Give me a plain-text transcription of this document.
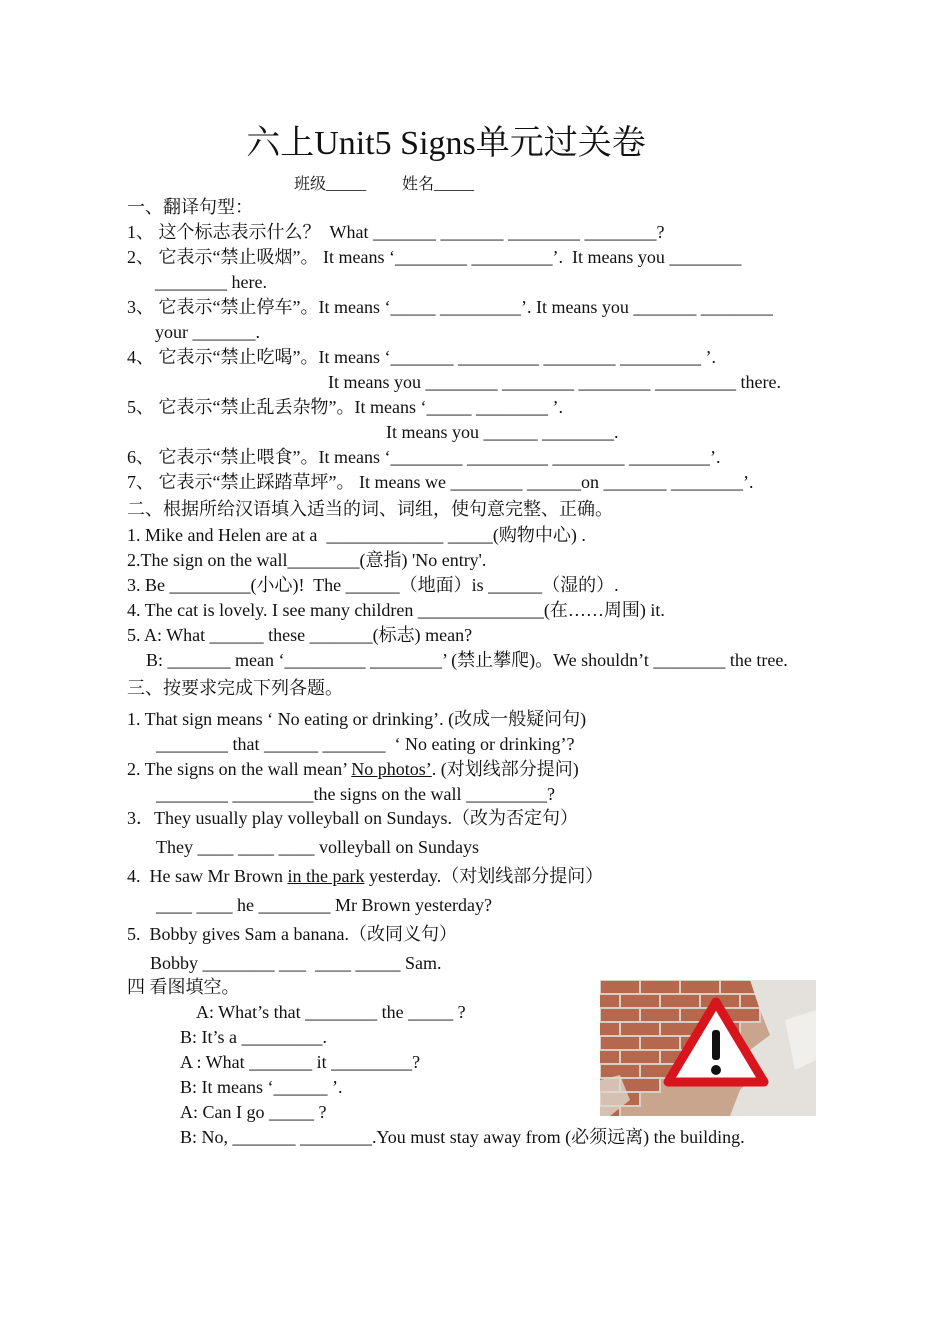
六上Unit5 Signs单元过关卷
班级_____ 姓名_____
一、翻译句型：
1、 这个标志表示什么？  What _______ _______ ________ ________?
2、 它表示“禁止吸烟”。 It means ‘________ _________’.  It means you ________
________ here.
3、 它表示“禁止停车”。It means ‘_____ _________’. It means you _______ ________
your _______.
4、 它表示“禁止吃喝”。It means ‘_______ _________ ________ _________ ’.
It means you ________ ________ ________ _________ there.
5、 它表示“禁止乱丢杂物”。It means ‘_____ ________ ’.
It means you ______ ________.
6、 它表示“禁止喂食”。It means ‘________ _________ ________ _________’.
7、 它表示“禁止踩踏草坪”。 It means we ________ ______on _______ ________’.
二、根据所给汉语填入适当的词、词组，使句意完整、正确。
1. Mike and Helen are at a  _____________ _____(购物中心) .
2.The sign on the wall________(意指) 'No entry'.
3. Be _________(小心)!  The ______（地面）is ______（湿的）.
4. The cat is lovely. I see many children ______________(在……周围) it.
5. A: What ______ these _______(标志) mean?
B: _______ mean ‘_________ ________’ (禁止攀爬)。We shouldn’t ________ the tree.
三、按要求完成下列各题。
1. That sign means ‘ No eating or drinking’. (改成一般疑问句)
________ that ______ _______  ‘ No eating or drinking’?
2. The signs on the wall mean’ No photos’. (对划线部分提问)
________ _________the signs on the wall _________?
3．They usually play volleyball on Sundays.（改为否定句）
They ____ ____ ____ volleyball on Sundays
4.  He saw Mr Brown in the park yesterday.（对划线部分提问）
____ ____ he ________ Mr Brown yesterday?
5.  Bobby gives Sam a banana.（改同义句）
Bobby ________ ___  ____ _____ Sam.
四 看图填空。
A: What’s that ________ the _____ ?
B: It’s a _________.
A : What _______ it _________?
B: It means ‘______ ’.
A: Can I go _____ ?
B: No, _______ ________.You must stay away from (必须远离) the building.
